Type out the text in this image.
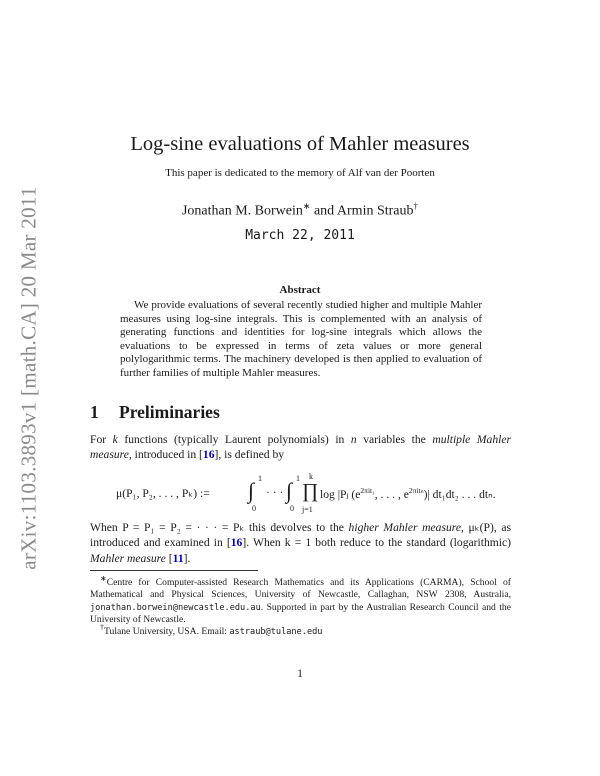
arXiv:1103.3893v1 [math.CA] 20 Mar 2011
Log-sine evaluations of Mahler measures
This paper is dedicated to the memory of Alf van der Poorten
Jonathan M. Borwein∗ and Armin Straub†
March 22, 2011
Abstract
We provide evaluations of several recently studied higher and multiple Mahler measures using log-sine integrals. This is complemented with an analysis of generating functions and identities for log-sine integrals which allows the evaluations to be expressed in terms of zeta values or more general polylogarithmic terms. The machinery developed is then applied to evaluation of further families of multiple Mahler measures.
1 Preliminaries
For k functions (typically Laurent polynomials) in n variables the multiple Mahler measure, introduced in [16], is defined by
μ(P₁, P₂, . . . , Pₖ) := ∫ 1
0
· · · ∫ 1
0
∏
k
j=1
log |Pⱼ ($e^{2\pi it_1}$, . . . , $e^{2\pi it_n})|$ dt₁dt₂ . . . dtₙ.
When P = P₁ = P₂ = · · · = Pₖ this devolves to the higher Mahler measure, μₖ(P), as introduced and examined in [16]. When k = 1 both reduce to the standard (logarithmic) Mahler measure [11].
∗Centre for Computer-assisted Research Mathematics and its Applications (CARMA), School of Mathematical and Physical Sciences, University of Newcastle, Callaghan, NSW 2308, Australia, jonathan.borwein@newcastle.edu.au. Supported in part by the Australian Research Council and the University of Newcastle.
†Tulane University, USA. Email: astraub@tulane.edu
1
